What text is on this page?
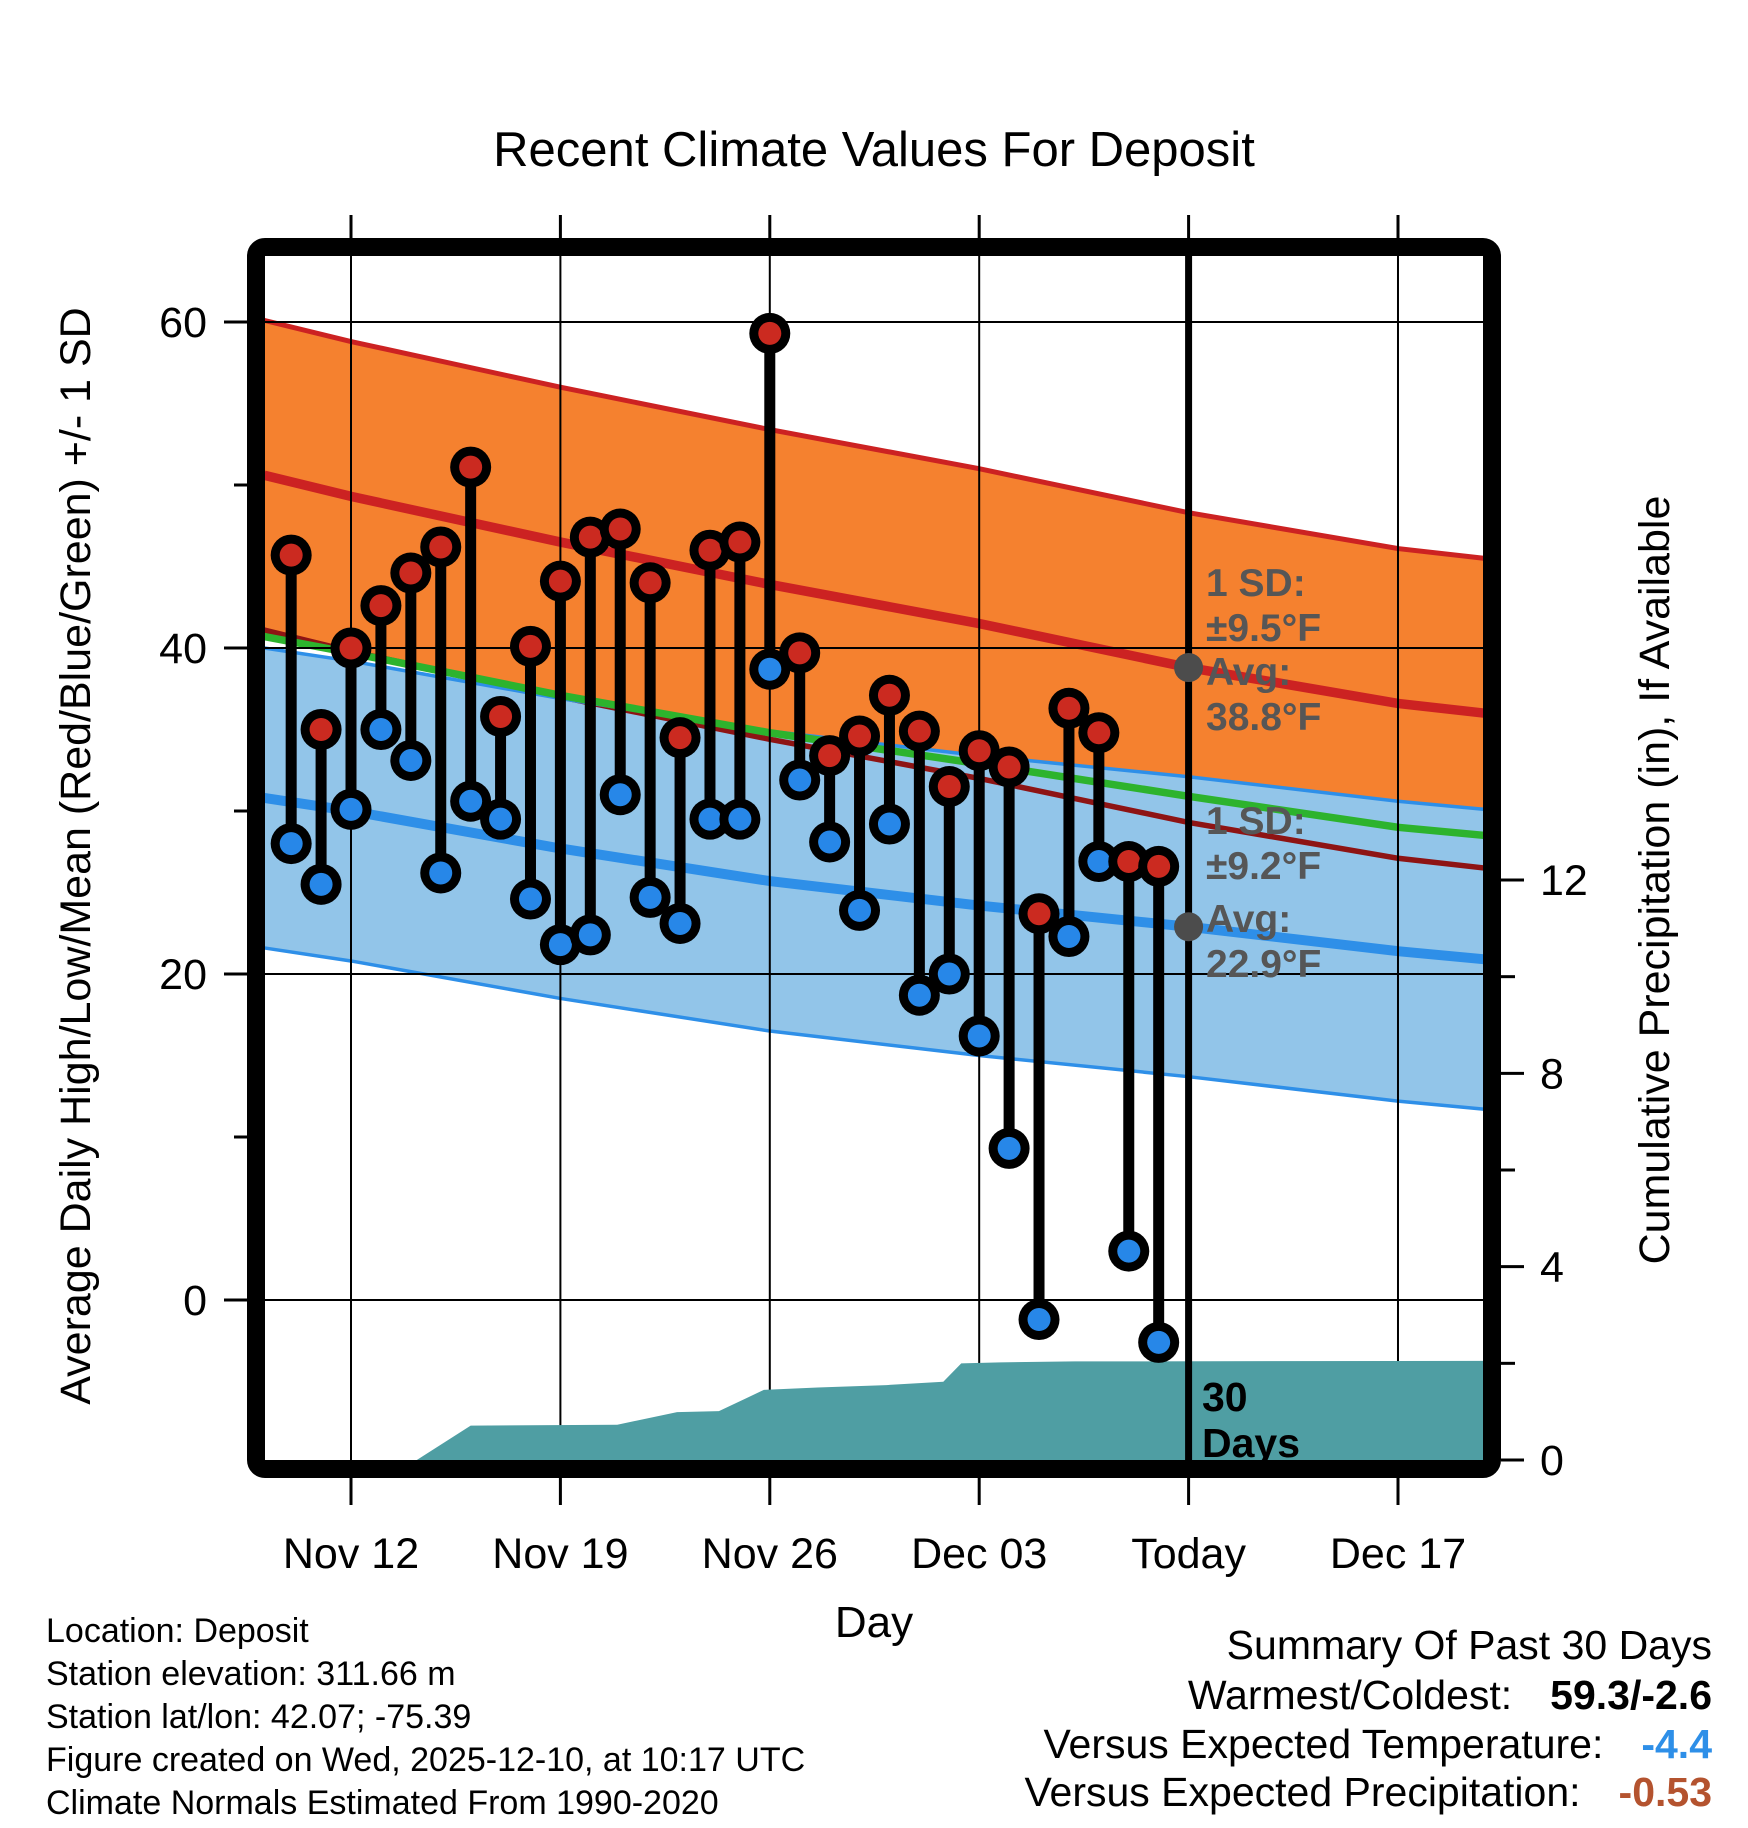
60
40
20
0
12
8
4
0
Nov 12 Nov 19 Nov 26 Dec 03 Today Dec 17
Recent Climate Values For Deposit
Average Daily High/Low/Mean (Red/Blue/Green) +/- 1 SD	Cumulative Precipitation (in), If Available
Day
1 SD:
±9.5°F
Avg:
38.8°F
1 SD:
±9.2°F
Avg:
22.9°F
30
Days
Location: Deposit
Station elevation: 311.66 m
Station lat/lon: 42.07; -75.39
Figure created on Wed, 2025-12-10, at 10:17 UTC
Climate Normals Estimated From 1990-2020
Summary Of Past 30 Days
Warmest/Coldest: 59.3/-2.6
Versus Expected Temperature: -4.4
Versus Expected Precipitation: -0.53
